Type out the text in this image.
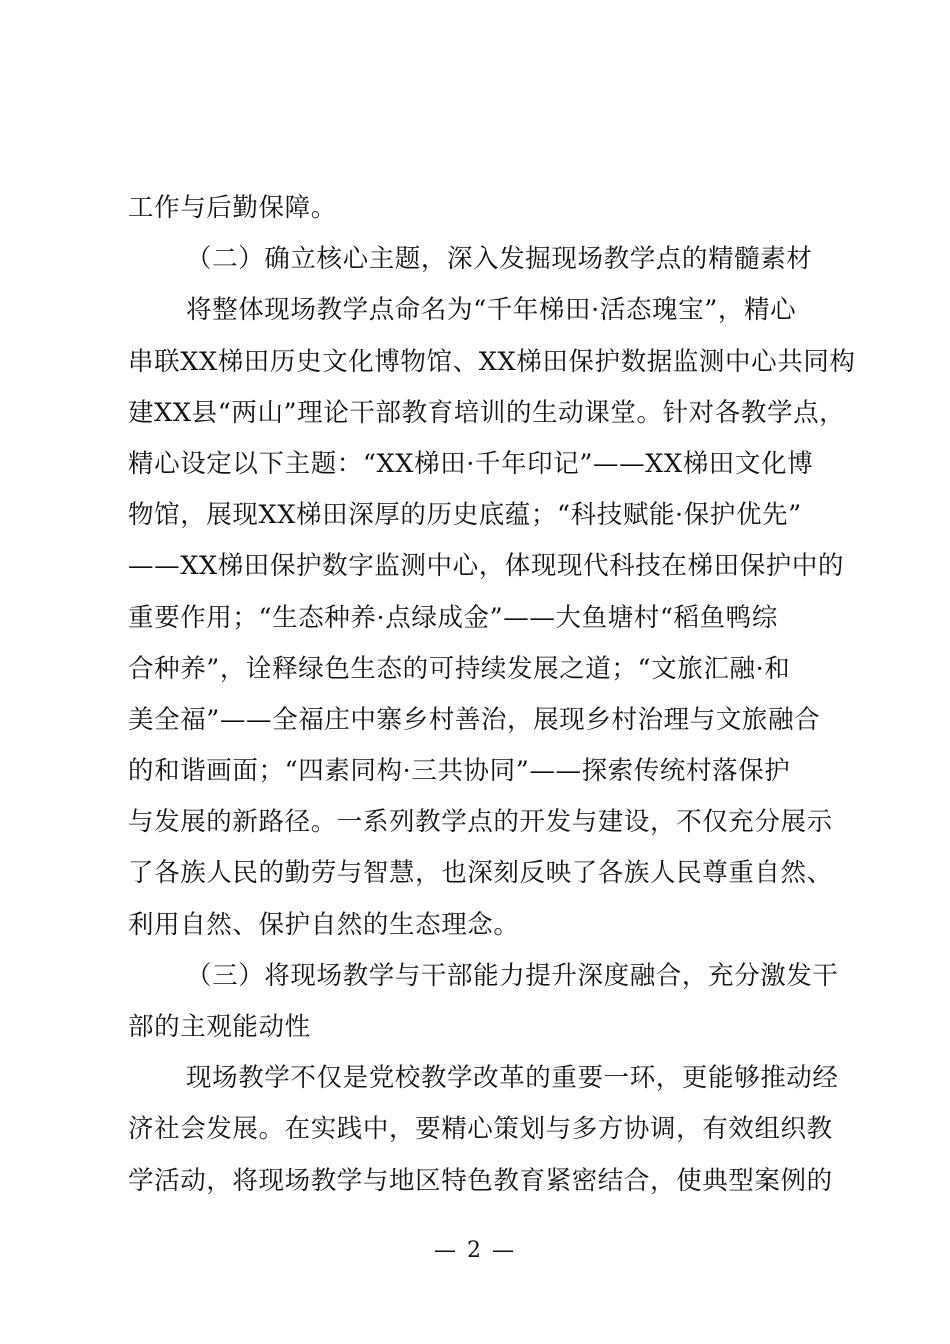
工作与后勤保障。
（二）确立核心主题，深入发掘现场教学点的精髓素材
将整体现场教学点命名为“千年梯田·活态瑰宝”，精心
串联XX梯田历史文化博物馆、XX梯田保护数据监测中心共同构
建XX县“两山”理论干部教育培训的生动课堂。针对各教学点，
精心设定以下主题：“XX梯田·千年印记”——XX梯田文化博
物馆，展现XX梯田深厚的历史底蕴；“科技赋能·保护优先”
——XX梯田保护数字监测中心，体现现代科技在梯田保护中的
重要作用；“生态种养·点绿成金”——大鱼塘村“稻鱼鸭综
合种养”，诠释绿色生态的可持续发展之道；“文旅汇融·和
美全福”——全福庄中寨乡村善治，展现乡村治理与文旅融合
的和谐画面；“四素同构·三共协同”——探索传统村落保护
与发展的新路径。一系列教学点的开发与建设，不仅充分展示
了各族人民的勤劳与智慧，也深刻反映了各族人民尊重自然、
利用自然、保护自然的生态理念。
（三）将现场教学与干部能力提升深度融合，充分激发干
部的主观能动性
现场教学不仅是党校教学改革的重要一环，更能够推动经
济社会发展。在实践中，要精心策划与多方协调，有效组织教
学活动，将现场教学与地区特色教育紧密结合，使典型案例的
— 2 —
